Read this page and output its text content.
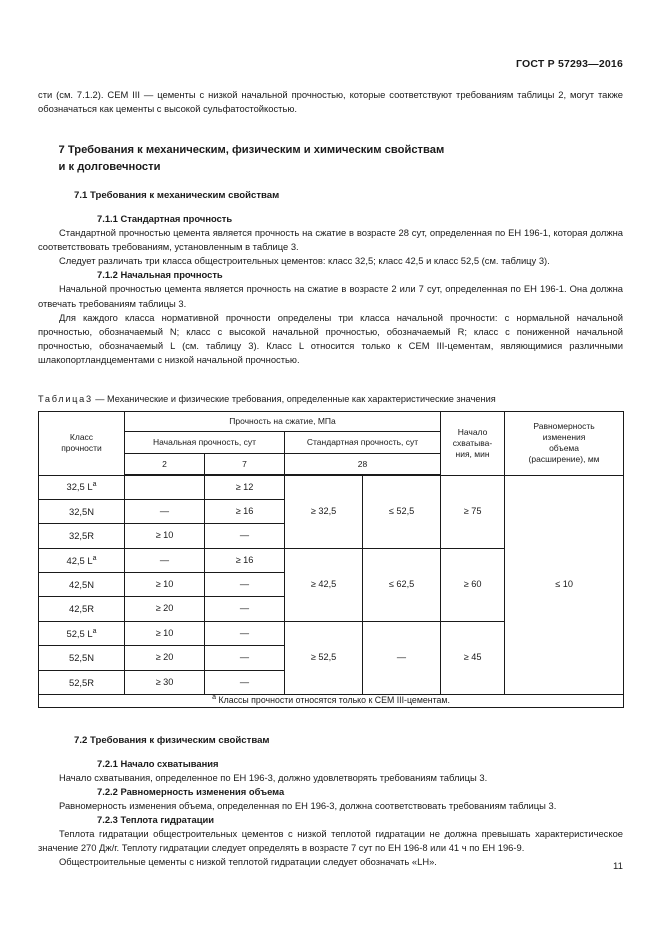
ГОСТ Р 57293—2016

сти (см. 7.1.2). CEM III — цементы с низкой начальной прочностью, которые соответствуют требованиям таблицы 2, могут также обозначаться как цементы с высокой сульфатостойкостью.

7 Требования к механическим, физическим и химическим свойствам
и к долговечности
7.1 Требования к механическим свойствам
7.1.1 Стандартная прочность

Стандартной прочностью цемента является прочность на сжатие в возрасте 28 сут, определенная по ЕН 196-1, которая должна соответствовать требованиям, установленным в таблице 3.

Следует различать три класса общестроительных цементов: класс 32,5; класс 42,5 и класс 52,5 (см. таблицу 3).

7.1.2 Начальная прочность

Начальной прочностью цемента является прочность на сжатие в возрасте 2 или 7 сут, определенная по ЕН 196-1. Она должна отвечать требованиям таблицы 3.

Для каждого класса нормативной прочности определены три класса начальной прочности: с нормальной начальной прочностью, обозначаемый N; класс с высокой начальной прочностью, обозначаемый R; класс с пониженной начальной прочностью, обозначаемый L (см. таблицу 3). Класс L относится только к CEM III-цементам, являющимися различными шлакопортландцементами с низкой начальной прочностью.

Таблица3 — Механические и физические требования, определенные как характеристические значения

Класс
прочности
	Прочность на сжатие, МПа	
Начало
схватыва-
ния, мин

Равномерность
изменения
объема
(расширение), мм

	Начальная прочность, сут		Стандартная прочность, сут			
	2	7	28			
32,5 $L^a$		≥ 12	≥ 32,5	≤ 52,5	≥ 75	≤ 10
32,5N	—	≥ 16				
32,5R	≥ 10	—				
42,5 $L^a$	—	≥ 16	≥ 42,5	≤ 62,5	≥ 60	
42,5N	≥ 10	—				
42,5R	≥ 20	—				
52,5 $L^a$	≥ 10	—	≥ 52,5	—	≥ 45	
52,5N	≥ 20	—				
52,5R	≥ 30	—				
$^a$ Классы прочности относятся только к CEM III-цементам.						
7.2 Требования к физическим свойствам
7.2.1 Начало схватывания

Начало схватывания, определенное по ЕН 196-3, должно удовлетворять требованиям таблицы 3.

7.2.2 Равномерность изменения объема

Равномерность изменения объема, определенная по ЕН 196-3, должна соответствовать требованиям таблицы 3.

7.2.3 Теплота гидратации

Теплота гидратации общестроительных цементов с низкой теплотой гидратации не должна превышать характеристическое значение 270 Дж/г. Теплоту гидратации следует определять в возрасте 7 сут по ЕН 196-8 или 41 ч по ЕН 196-9.

Общестроительные цементы с низкой теплотой гидратации следует обозначать «LH».	11
